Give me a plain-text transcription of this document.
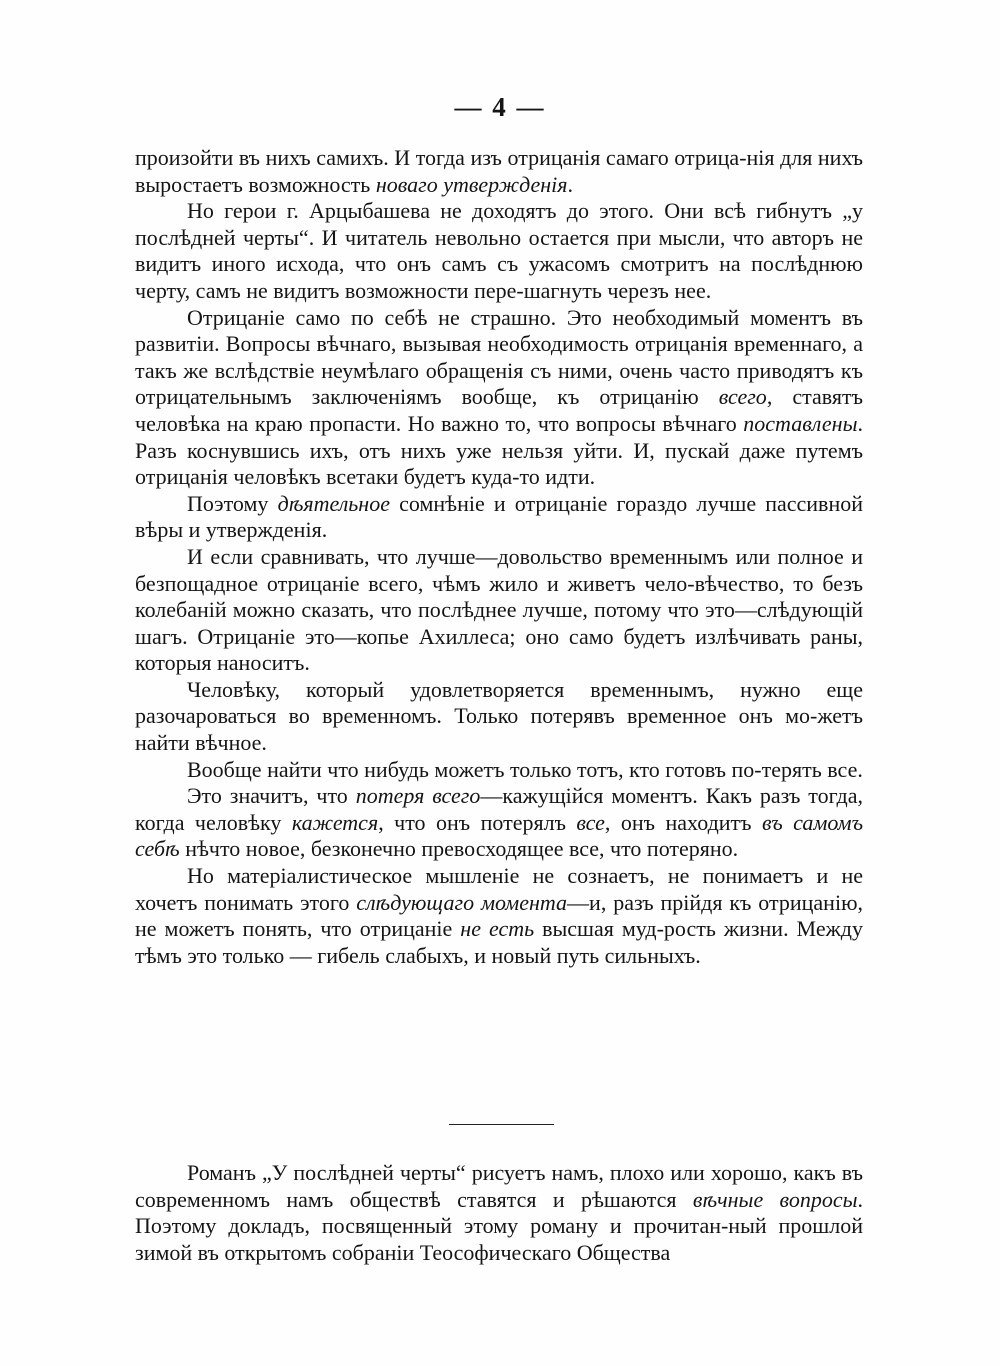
— 4 —

произойти въ нихъ самихъ. И тогда изъ отрицанія самаго отрица-нія для нихъ выростаетъ возможность новаго утвержденія.

Но герои г. Арцыбашева не доходятъ до этого. Они всѣ гибнутъ „у послѣдней черты“. И читатель невольно остается при мысли, что авторъ не видитъ иного исхода, что онъ самъ съ ужасомъ смотритъ на послѣднюю черту, самъ не видитъ возможности пере-шагнуть черезъ нее.

Отрицаніе само по себѣ не страшно. Это необходимый моментъ въ развитіи. Вопросы вѣчнаго, вызывая необходимость отрицанія временнаго, а такъ же вслѣдствіе неумѣлаго обращенія съ ними, очень часто приводятъ къ отрицательнымъ заключеніямъ вообще, къ отрицанію всего, ставятъ человѣка на краю пропасти. Но важно то, что вопросы вѣчнаго поставлены. Разъ коснувшись ихъ, отъ нихъ уже нельзя уйти. И, пускай даже путемъ отрицанія человѣкъ всетаки будетъ куда-то идти.

Поэтому дѣятельное сомнѣніе и отрицаніе гораздо лучше пассивной вѣры и утвержденія.

И если сравнивать, что лучше—довольство временнымъ или полное и безпощадное отрицаніе всего, чѣмъ жило и живетъ чело-вѣчество, то безъ колебаній можно сказать, что послѣднее лучше, потому что это—слѣдующій шагъ. Отрицаніе это—копье Ахиллеса; оно само будетъ излѣчивать раны, которыя наноситъ.

Человѣку, который удовлетворяется временнымъ, нужно еще разочароваться во временномъ. Только потерявъ временное онъ мо-жетъ найти вѣчное.

Вообще найти что нибудь можетъ только тотъ, кто готовъ по-терять все.

Это значитъ, что потеря всего—кажущійся моментъ. Какъ разъ тогда, когда человѣку кажется, что онъ потерялъ все, онъ находитъ въ самомъ себѣ нѣчто новое, безконечно превосходящее все, что потеряно.

Но матеріалистическое мышленіе не сознаетъ, не понимаетъ и не хочетъ понимать этого слѣдующаго момента—и, разъ прійдя къ отрицанію, не можетъ понять, что отрицаніе не есть высшая муд-рость жизни. Между тѣмъ это только — гибель слабыхъ, и новый путь сильныхъ.

Романъ „У послѣдней черты“ рисуетъ намъ, плохо или хорошо, какъ въ современномъ намъ обществѣ ставятся и рѣшаются вѣчные вопросы. Поэтому докладъ, посвященный этому роману и прочитан-ный прошлой зимой въ открытомъ собраніи Теософическаго Общества
